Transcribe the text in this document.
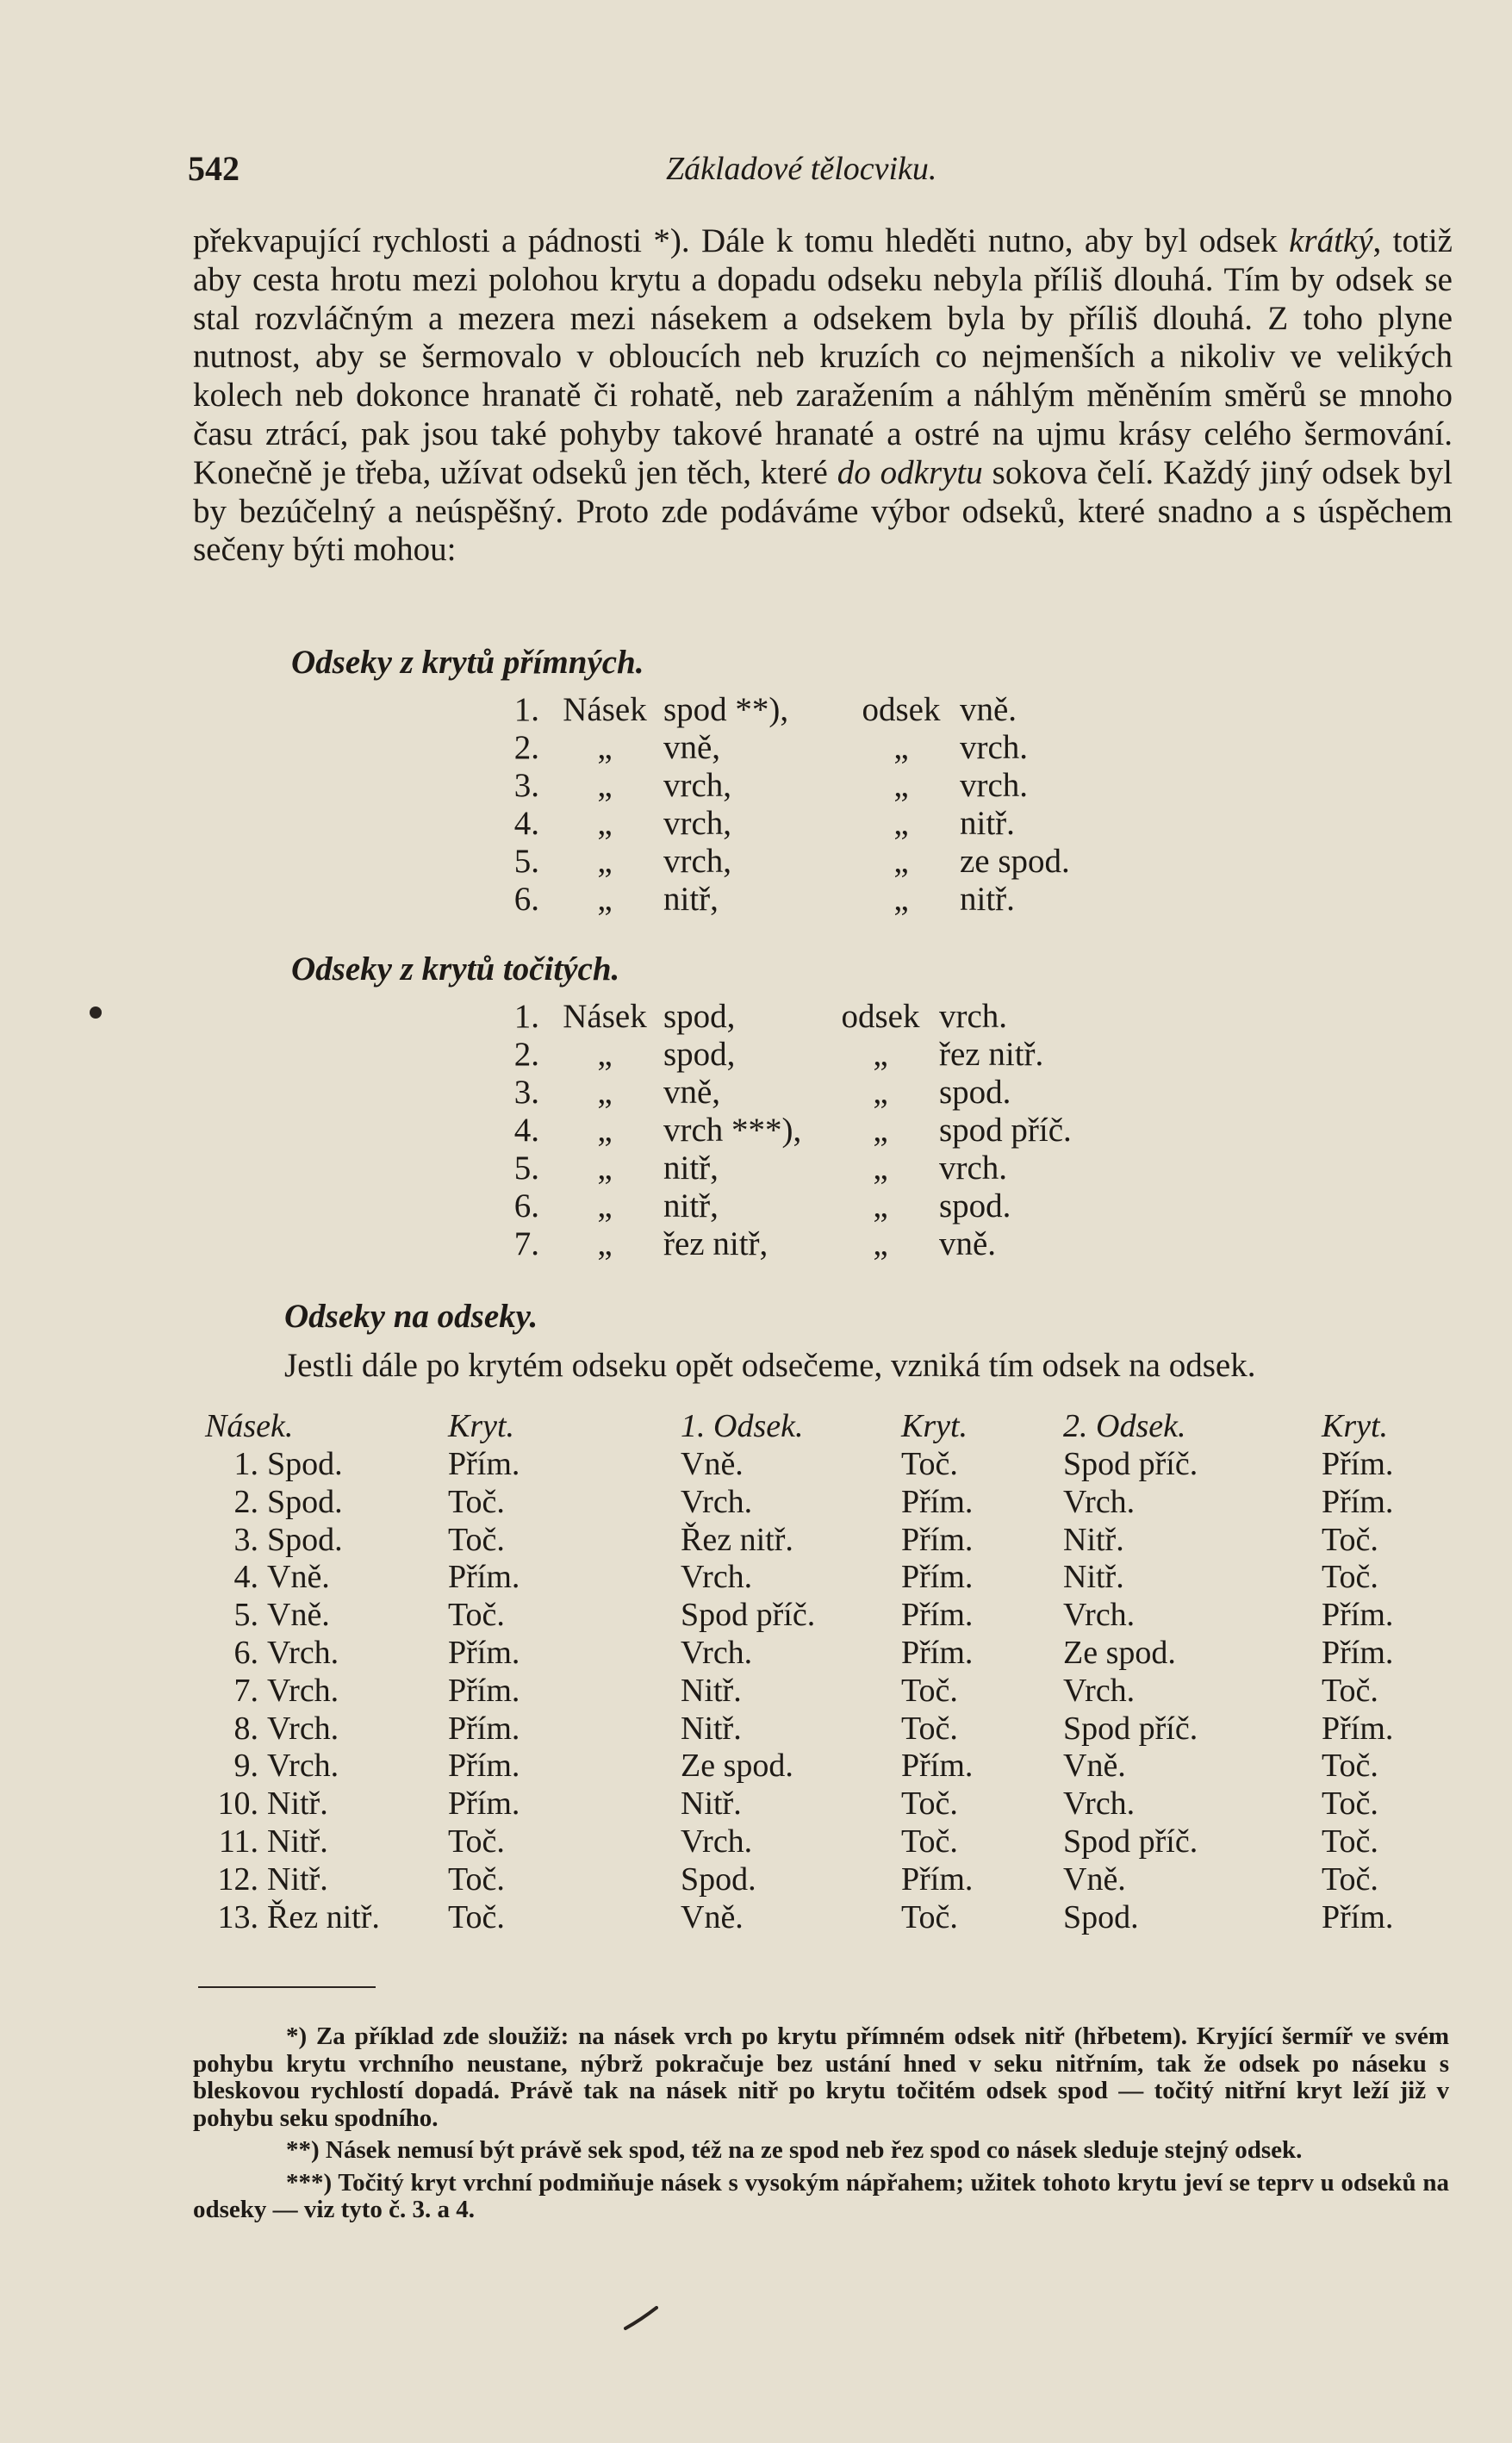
542	Základové tělocviku.
překvapující rychlosti a pádnosti *). Dále k tomu hleděti nutno, aby byl odsek krátký, totiž aby cesta hrotu mezi polohou krytu a dopadu odseku nebyla příliš dlouhá. Tím by odsek se stal rozvláčným a mezera mezi násekem a odsekem byla by příliš dlouhá. Z toho plyne nutnost, aby se šermovalo v obloucích neb kruzích co nejmenších a nikoliv ve velikých kolech neb dokonce hranatě či rohatě, neb zaražením a náhlým měněním směrů se mnoho času ztrácí, pak jsou také pohyby takové hranaté a ostré na ujmu krásy celého šermování. Konečně je třeba, užívat odseků jen těch, které do odkrytu sokova čelí. Každý jiný odsek byl by bezúčelný a neúspěšný. Proto zde podáváme výbor odseků, které snadno a s úspěchem sečeny býti mohou:
Odseky z krytů přímných.
1.	Násek	spod **),	odsek	vně.
2.	„	vně,	„	vrch.
3.	„	vrch,	„	vrch.
4.	„	vrch,	„	nitř.
5.	„	vrch,	„	ze spod.
6.	„	nitř,	„	nitř.
Odseky z krytů točitých.
1.	Násek	spod,	odsek	vrch.
2.	„	spod,	„	řez nitř.
3.	„	vně,	„	spod.
4.	„	vrch ***),	„	spod příč.
5.	„	nitř,	„	vrch.
6.	„	nitř,	„	spod.
7.	„	řez nitř,	„	vně.
Odseky na odseky.
Jestli dále po krytém odseku opět odsečeme, vzniká tím odsek na odsek.
Násek.		Kryt.	1. Odsek.	Kryt.	2. Odsek.	Kryt.
1.	Spod.	Přím.	Vně.	Toč.	Spod příč.	Přím.
2.	Spod.	Toč.	Vrch.	Přím.	Vrch.	Přím.
3.	Spod.	Toč.	Řez nitř.	Přím.	Nitř.	Toč.
4.	Vně.	Přím.	Vrch.	Přím.	Nitř.	Toč.
5.	Vně.	Toč.	Spod příč.	Přím.	Vrch.	Přím.
6.	Vrch.	Přím.	Vrch.	Přím.	Ze spod.	Přím.
7.	Vrch.	Přím.	Nitř.	Toč.	Vrch.	Toč.
8.	Vrch.	Přím.	Nitř.	Toč.	Spod příč.	Přím.
9.	Vrch.	Přím.	Ze spod.	Přím.	Vně.	Toč.
10.	Nitř.	Přím.	Nitř.	Toč.	Vrch.	Toč.
11.	Nitř.	Toč.	Vrch.	Toč.	Spod příč.	Toč.
12.	Nitř.	Toč.	Spod.	Přím.	Vně.	Toč.
13.	Řez nitř.	Toč.	Vně.	Toč.	Spod.	Přím.

*) Za příklad zde sloužiž: na násek vrch po krytu přímném odsek nitř (hřbetem). Kryjící šermíř ve svém pohybu krytu vrchního neustane, nýbrž pokračuje bez ustání hned v seku nitřním, tak že odsek po náseku s bleskovou rychlostí dopadá. Právě tak na násek nitř po krytu točitém odsek spod — točitý nitřní kryt leží již v pohybu seku spodního.

**) Násek nemusí být právě sek spod, též na ze spod neb řez spod co násek sleduje stejný odsek.

***) Točitý kryt vrchní podmiňuje násek s vysokým nápřahem; užitek tohoto krytu jeví se teprv u odseků na odseky — viz tyto č. 3. a 4.
